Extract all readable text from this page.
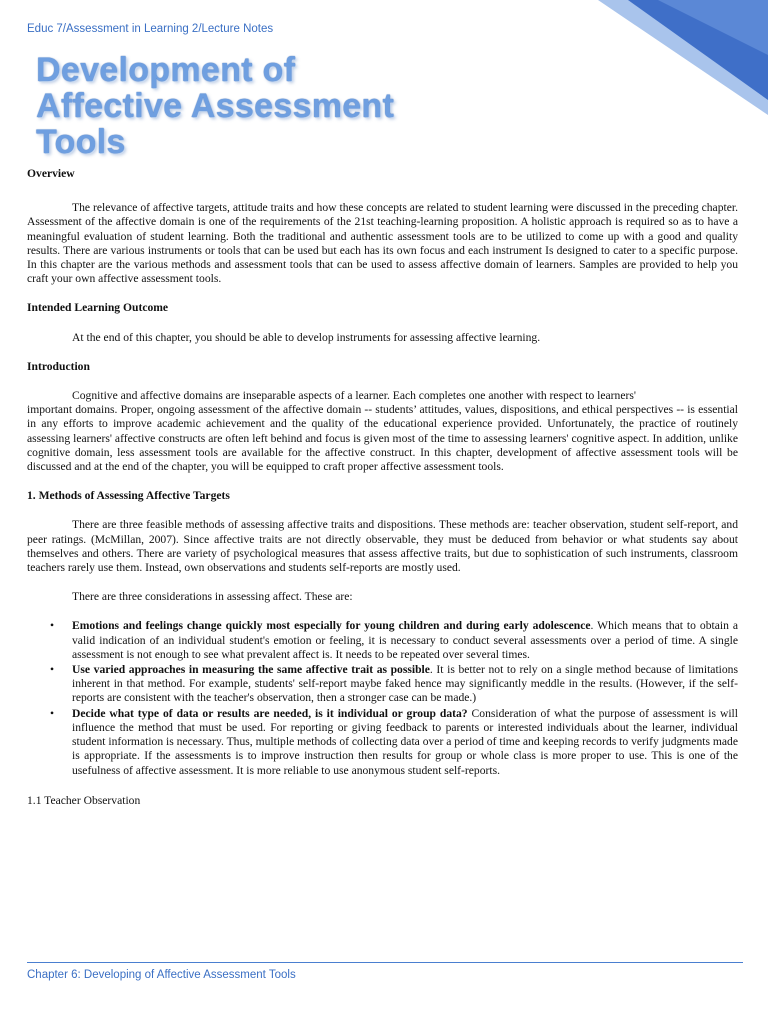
Educ 7/Assessment in Learning 2/Lecture Notes
Development of
Affective Assessment
Tools

Overview

The relevance of affective targets, attitude traits and how these concepts are related to student learning were discussed in the preceding chapter. Assessment of the affective domain is one of the requirements of the 21st teaching-learning proposition. A holistic approach is required so as to have a meaningful evaluation of student learning. Both the traditional and authentic assessment tools are to be utilized to come up with a good and quality results. There are various instruments or tools that can be used but each has its own focus and each instrument Is designed to cater to a specific purpose. In this chapter are the various methods and assessment tools that can be used to assess affective domain of learners. Samples are provided to help you craft your own affective assessment tools.

Intended Learning Outcome

At the end of this chapter, you should be able to develop instruments for assessing affective learning.

Introduction

Cognitive and affective domains are inseparable aspects of a learner. Each completes one another with respect to learners'

important domains. Proper, ongoing assessment of the affective domain -- students’ attitudes, values, dispositions, and ethical perspectives -- is essential in any efforts to improve academic achievement and the quality of the educational experience provided. Unfortunately, the practice of routinely assessing learners' affective constructs are often left behind and focus is given most of the time to assessing learners' cognitive aspect. In addition, unlike cognitive domain, less assessment tools are available for the affective construct. In this chapter, development of affective assessment tools will be discussed and at the end of the chapter, you will be equipped to craft proper affective assessment tools.

1. Methods of Assessing Affective Targets

There are three feasible methods of assessing affective traits and dispositions. These methods are: teacher observation, student self-report, and peer ratings. (McMillan, 2007). Since affective traits are not directly observable, they must be deduced from behavior or what students say about themselves and others. There are variety of psychological measures that assess affective traits, but due to sophistication of such instruments, classroom teachers rarely use them. Instead, own observations and students self-reports are mostly used.

There are three considerations in assessing affect. These are:

• Emotions and feelings change quickly most especially for young children and during early adolescence. Which means that to obtain a valid indication of an individual student's emotion or feeling, it is necessary to conduct several assessments over a period of time. A single assessment is not enough to see what prevalent affect is. It needs to be repeated over several times.
• Use varied approaches in measuring the same affective trait as possible. It is better not to rely on a single method because of limitations inherent in that method. For example, students' self-report maybe faked hence may significantly meddle in the results. (However, if the self-reports are consistent with the teacher's observation, then a stronger case can be made.)
• Decide what type of data or results are needed, is it individual or group data? Consideration of what the purpose of assessment is will influence the method that must be used. For reporting or giving feedback to parents or interested individuals about the learner, individual student information is necessary. Thus, multiple methods of collecting data over a period of time and keeping records to verify judgments made is appropriate. If the assessments is to improve instruction then results for group or whole class is more proper to use. This is one of the usefulness of affective assessment. It is more reliable to use anonymous student self-reports.

1.1 Teacher Observation

Chapter 6: Developing of Affective Assessment Tools
